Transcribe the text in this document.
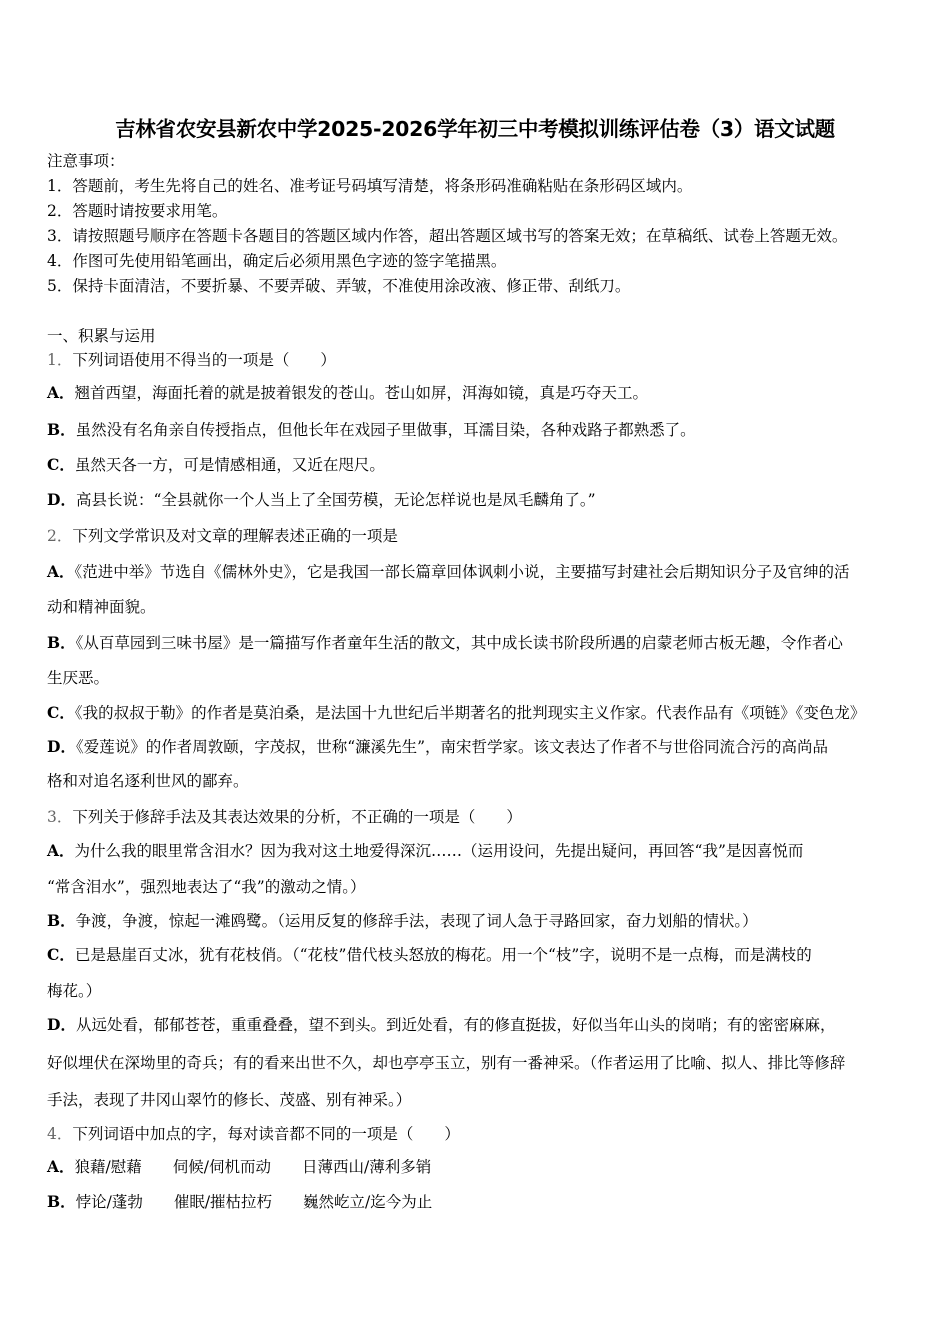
吉林省农安县新农中学2025-2026学年初三中考模拟训练评估卷（3）语文试题
注意事项：
1．答题前，考生先将自己的姓名、准考证号码填写清楚，将条形码准确粘贴在条形码区域内。
2．答题时请按要求用笔。
3．请按照题号顺序在答题卡各题目的答题区域内作答，超出答题区域书写的答案无效；在草稿纸、试卷上答题无效。
4．作图可先使用铅笔画出，确定后必须用黑色字迹的签字笔描黑。
5．保持卡面清洁，不要折暴、不要弄破、弄皱，不准使用涂改液、修正带、刮纸刀。
一、积累与运用
1．下列词语使用不得当的一项是（　　）
A．翘首西望，海面托着的就是披着银发的苍山。苍山如屏，洱海如镜，真是巧夺天工。
B．虽然没有名角亲自传授指点，但他长年在戏园子里做事，耳濡目染，各种戏路子都熟悉了。
C．虽然天各一方，可是情感相通，又近在咫尺。
D．高县长说：“全县就你一个人当上了全国劳模，无论怎样说也是凤毛麟角了。”
2．下列文学常识及对文章的理解表述正确的一项是
A．《范进中举》节选自《儒林外史》，它是我国一部长篇章回体讽刺小说，主要描写封建社会后期知识分子及官绅的活
动和精神面貌。
B．《从百草园到三味书屋》是一篇描写作者童年生活的散文，其中成长读书阶段所遇的启蒙老师古板无趣，令作者心
生厌恶。
C．《我的叔叔于勒》的作者是莫泊桑，是法国十九世纪后半期著名的批判现实主义作家。代表作品有《项链》《变色龙》
D．《爱莲说》的作者周敦颐，字茂叔，世称“濂溪先生”，南宋哲学家。该文表达了作者不与世俗同流合污的高尚品
格和对追名逐利世风的鄙弃。
3．下列关于修辞手法及其表达效果的分析，不正确的一项是（　　）
A．为什么我的眼里常含泪水？因为我对这土地爱得深沉……（运用设问，先提出疑问，再回答“我”是因喜悦而
“常含泪水”，强烈地表达了“我”的激动之情。）
B．争渡，争渡，惊起一滩鸥鹭。（运用反复的修辞手法，表现了词人急于寻路回家，奋力划船的情状。）
C．已是悬崖百丈冰，犹有花枝俏。（“花枝”借代枝头怒放的梅花。用一个“枝”字，说明不是一点梅，而是满枝的
梅花。）
D．从远处看，郁郁苍苍，重重叠叠，望不到头。到近处看，有的修直挺拔，好似当年山头的岗哨；有的密密麻麻，
好似埋伏在深坳里的奇兵；有的看来出世不久，却也亭亭玉立，别有一番神采。（作者运用了比喻、拟人、排比等修辞
手法，表现了井冈山翠竹的修长、茂盛、别有神采。）
4．下列词语中加点的字，每对读音都不同的一项是（　　）
A．狼藉/慰藉　　伺候/伺机而动　　日薄西山/薄利多销
B．悖论/蓬勃　　催眠/摧枯拉朽　　巍然屹立/迄今为止
